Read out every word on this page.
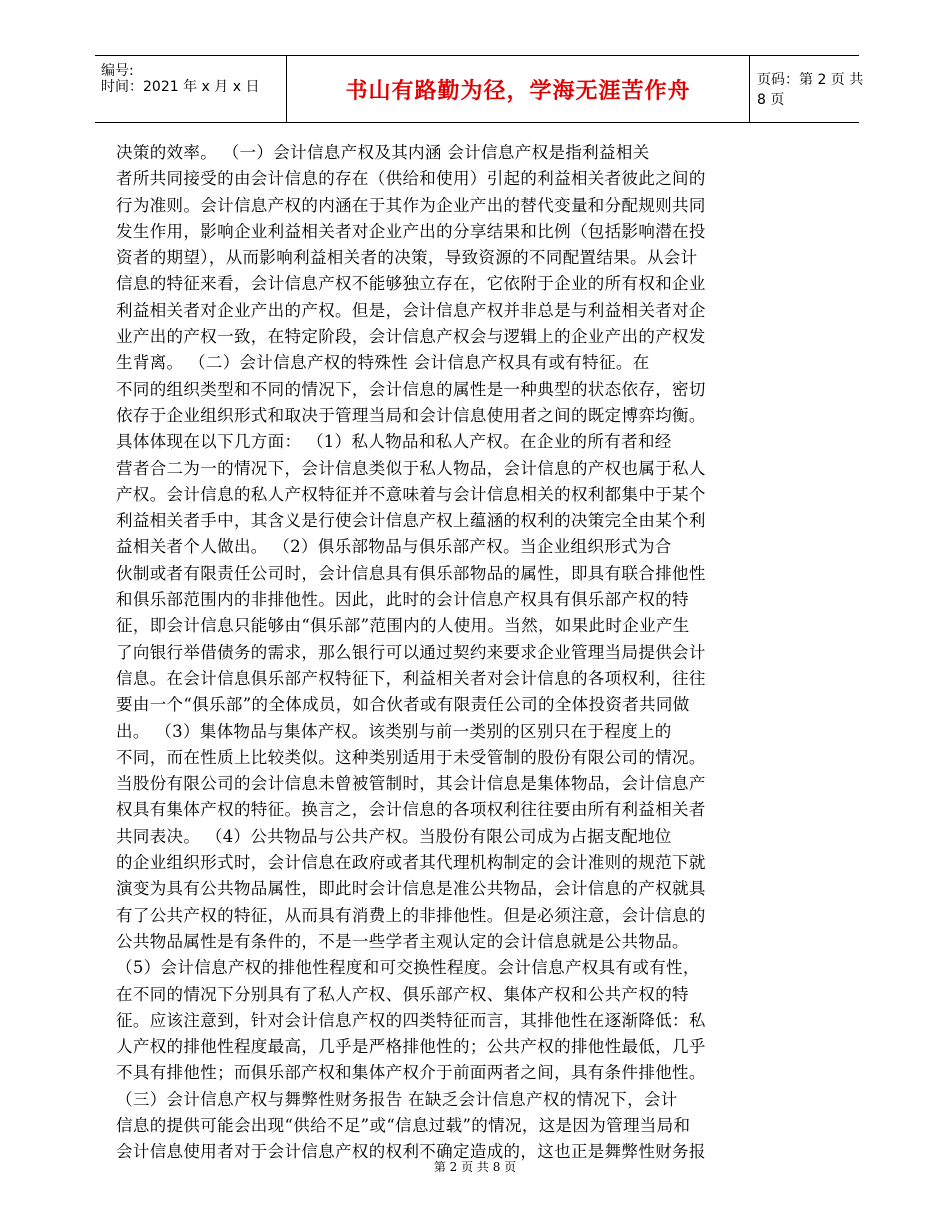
编号:
时间：2021 年 x 月 x 日	书山有路勤为径，学海无涯苦作舟	页码：第 2 页 共 8 页
决策的效率。 （一）会计信息产权及其内涵 会计信息产权是指利益相关
者所共同接受的由会计信息的存在（供给和使用）引起的利益相关者彼此之间的
行为准则。会计信息产权的内涵在于其作为企业产出的替代变量和分配规则共同
发生作用，影响企业利益相关者对企业产出的分享结果和比例（包括影响潜在投
资者的期望），从而影响利益相关者的决策，导致资源的不同配置结果。从会计
信息的特征来看，会计信息产权不能够独立存在，它依附于企业的所有权和企业
利益相关者对企业产出的产权。但是，会计信息产权并非总是与利益相关者对企
业产出的产权一致，在特定阶段，会计信息产权会与逻辑上的企业产出的产权发
生背离。 （二）会计信息产权的特殊性 会计信息产权具有或有特征。在
不同的组织类型和不同的情况下，会计信息的属性是一种典型的状态依存，密切
依存于企业组织形式和取决于管理当局和会计信息使用者之间的既定博弈均衡。
具体体现在以下几方面： （1）私人物品和私人产权。在企业的所有者和经
营者合二为一的情况下，会计信息类似于私人物品，会计信息的产权也属于私人
产权。会计信息的私人产权特征并不意味着与会计信息相关的权利都集中于某个
利益相关者手中，其含义是行使会计信息产权上蕴涵的权利的决策完全由某个利
益相关者个人做出。 （2）俱乐部物品与俱乐部产权。当企业组织形式为合
伙制或者有限责任公司时，会计信息具有俱乐部物品的属性，即具有联合排他性
和俱乐部范围内的非排他性。因此，此时的会计信息产权具有俱乐部产权的特
征，即会计信息只能够由“俱乐部”范围内的人使用。当然，如果此时企业产生
了向银行举借债务的需求，那么银行可以通过契约来要求企业管理当局提供会计
信息。在会计信息俱乐部产权特征下，利益相关者对会计信息的各项权利，往往
要由一个“俱乐部”的全体成员，如合伙者或有限责任公司的全体投资者共同做
出。 （3）集体物品与集体产权。该类别与前一类别的区别只在于程度上的
不同，而在性质上比较类似。这种类别适用于未受管制的股份有限公司的情况。
当股份有限公司的会计信息未曾被管制时，其会计信息是集体物品，会计信息产
权具有集体产权的特征。换言之，会计信息的各项权利往往要由所有利益相关者
共同表决。 （4）公共物品与公共产权。当股份有限公司成为占据支配地位
的企业组织形式时，会计信息在政府或者其代理机构制定的会计准则的规范下就
演变为具有公共物品属性，即此时会计信息是准公共物品，会计信息的产权就具
有了公共产权的特征，从而具有消费上的非排他性。但是必须注意，会计信息的
公共物品属性是有条件的，不是一些学者主观认定的会计信息就是公共物品。
（5）会计信息产权的排他性程度和可交换性程度。会计信息产权具有或有性，
在不同的情况下分别具有了私人产权、俱乐部产权、集体产权和公共产权的特
征。应该注意到，针对会计信息产权的四类特征而言，其排他性在逐渐降低：私
人产权的排他性程度最高，几乎是严格排他性的；公共产权的排他性最低，几乎
不具有排他性；而俱乐部产权和集体产权介于前面两者之间，具有条件排他性。
（三）会计信息产权与舞弊性财务报告 在缺乏会计信息产权的情况下，会计
信息的提供可能会出现“供给不足”或“信息过载”的情况，这是因为管理当局和
会计信息使用者对于会计信息产权的权利不确定造成的，这也正是舞弊性财务报
第 2 页 共 8 页
